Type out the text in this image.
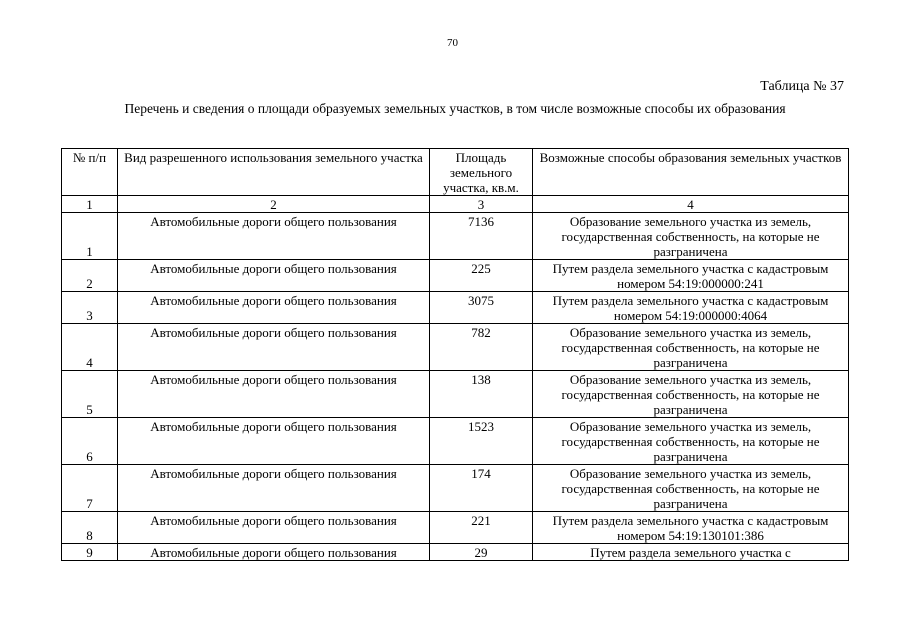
70
Таблица № 37
Перечень и сведения о площади образуемых земельных участков, в том числе возможные способы их образования
№ п/п	Вид разрешенного использования земельного участка	Площадь земельного участка, кв.м.	Возможные способы образования земельных участков
1	2	3	4
1	Автомобильные дороги общего пользования	7136	Образование земельного участка из земель, государственная собственность, на которые не разграничена
2	Автомобильные дороги общего пользования	225	Путем раздела земельного участка с кадастровым номером 54:19:000000:241
3	Автомобильные дороги общего пользования	3075	Путем раздела земельного участка с кадастровым номером 54:19:000000:4064
4	Автомобильные дороги общего пользования	782	Образование земельного участка из земель, государственная собственность, на которые не разграничена
5	Автомобильные дороги общего пользования	138	Образование земельного участка из земель, государственная собственность, на которые не разграничена
6	Автомобильные дороги общего пользования	1523	Образование земельного участка из земель, государственная собственность, на которые не разграничена
7	Автомобильные дороги общего пользования	174	Образование земельного участка из земель, государственная собственность, на которые не разграничена
8	Автомобильные дороги общего пользования	221	Путем раздела земельного участка с кадастровым номером 54:19:130101:386
9	Автомобильные дороги общего пользования	29	Путем раздела земельного участка с
